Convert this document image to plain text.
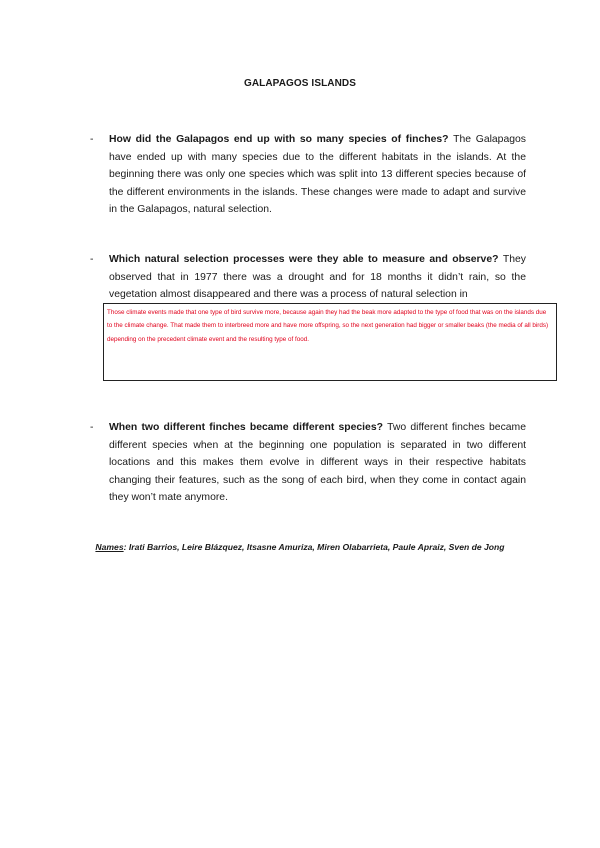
GALAPAGOS ISLANDS
- How did the Galapagos end up with so many species of finches? The Galapagos have ended up with many species due to the different habitats in the islands. At the beginning there was only one species which was split into 13 different species because of the different environments in the islands. These changes were made to adapt and survive in the Galapagos, natural selection.
- Which natural selection processes were they able to measure and observe? They observed that in 1977 there was a drought and for 18 months it didn’t rain, so the vegetation almost disappeared and there was a process of natural selection in
Those climate events made that one type of bird survive more, because again they had the beak more adapted to the type of food that was on the islands due to the climate change. That made them to interbreed more and have more offspring, so the next generation had bigger or smaller beaks (the media of all birds) depending on the precedent climate event and the resulting type of food.
- When two different finches became different species? Two different finches became different species when at the beginning one population is separated in two different locations and this makes them evolve in different ways in their respective habitats changing their features, such as the song of each bird, when they come in contact again they won’t mate anymore.
Names: Irati Barrios, Leire Blázquez, Itsasne Amuriza, Miren Olabarrieta, Paule Apraiz, Sven de Jong
